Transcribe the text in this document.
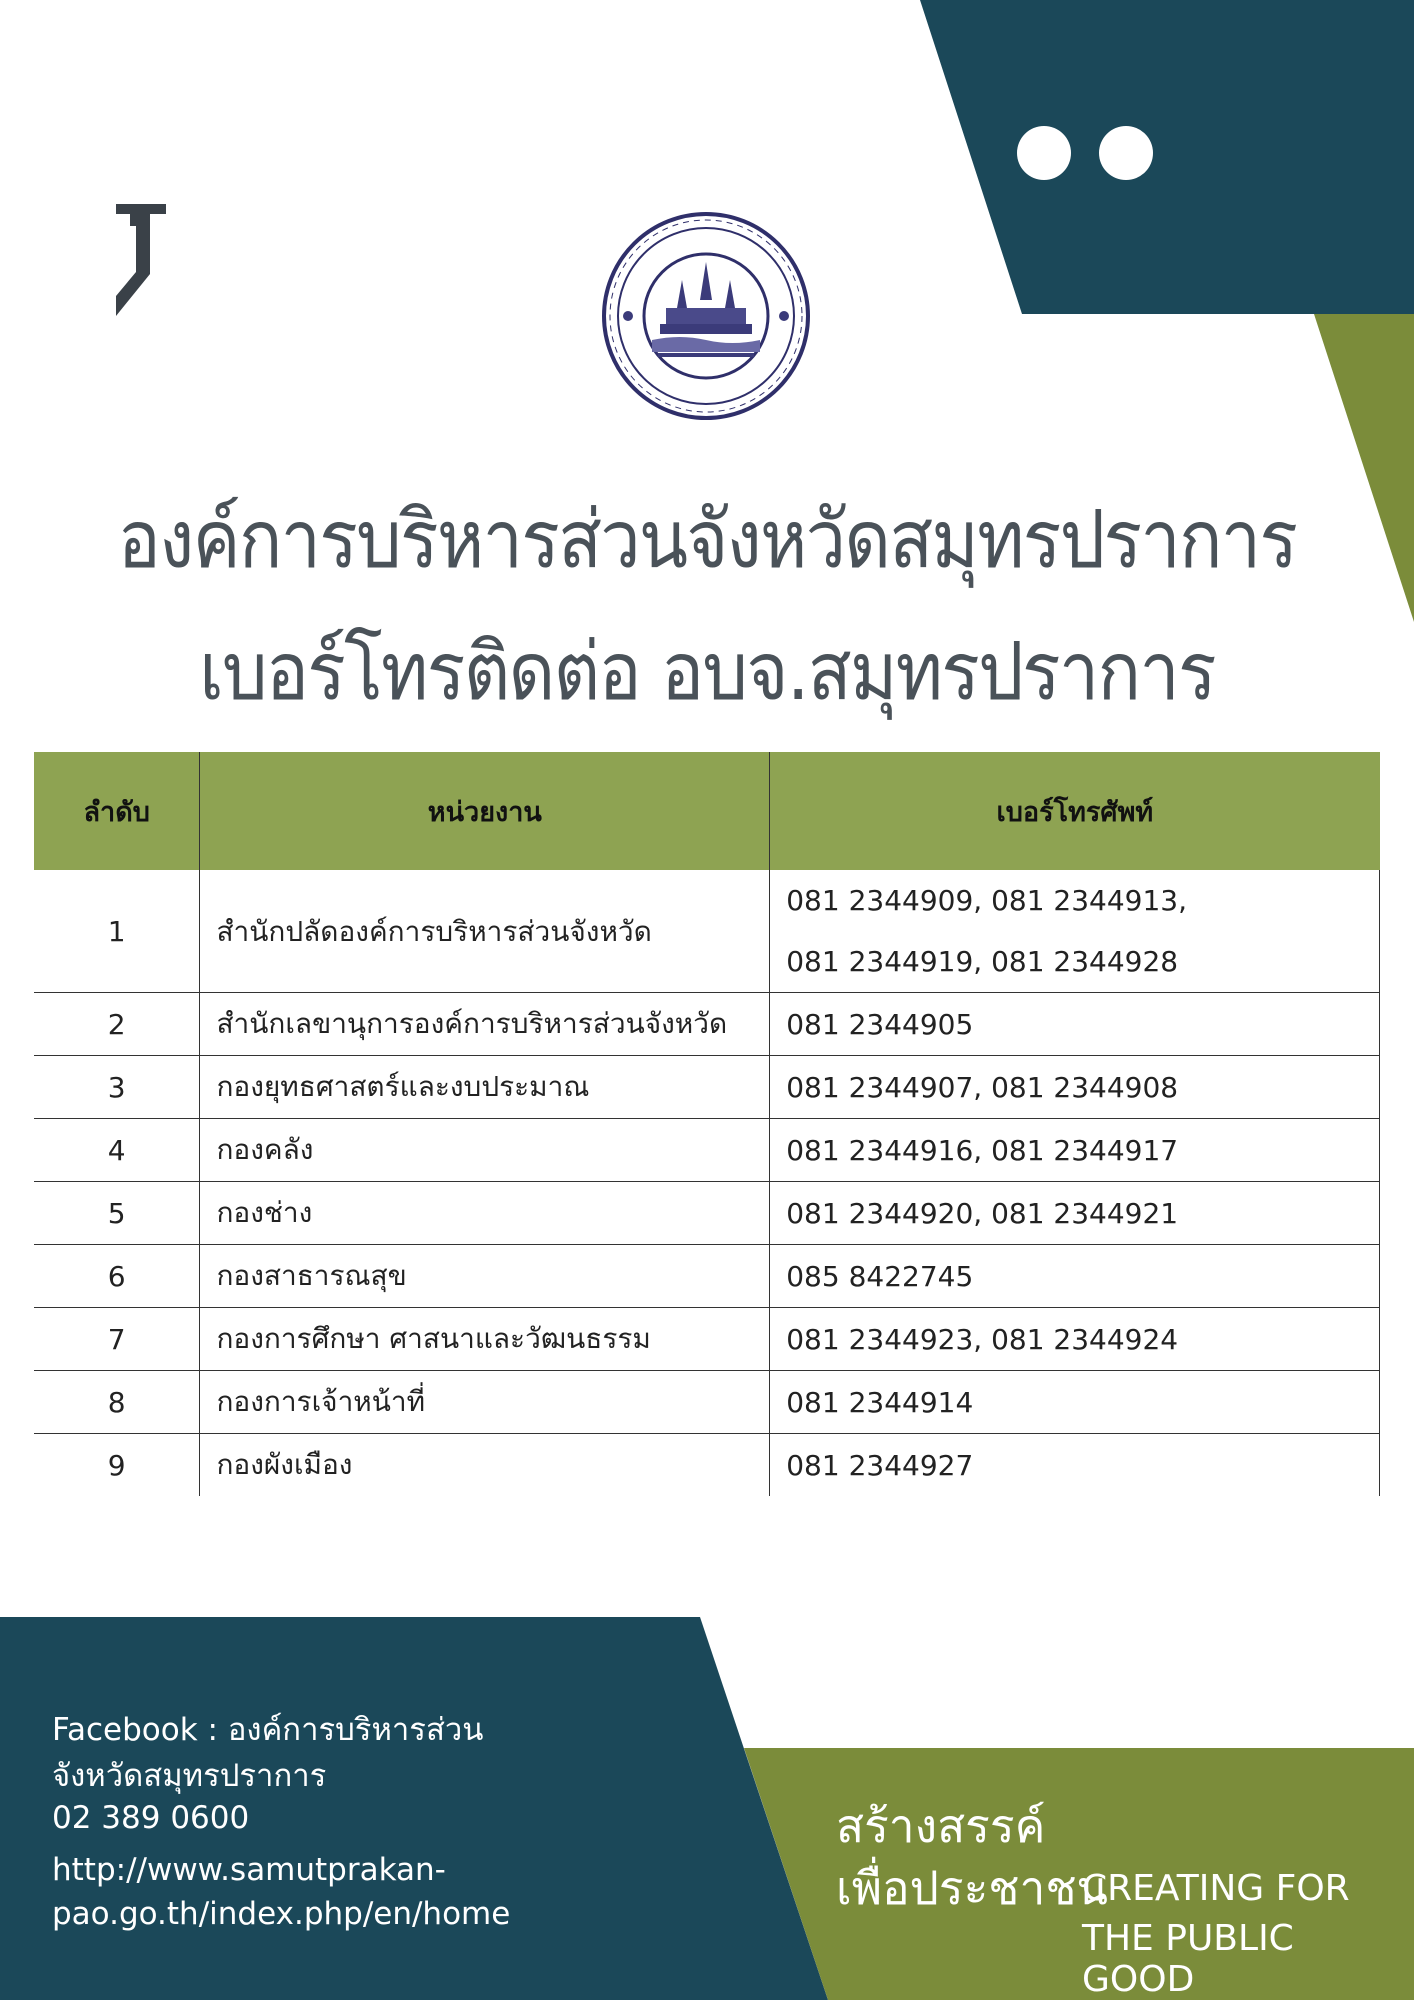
องค์การบริหารส่วนจังหวัดสมุทรปราการ
เบอร์โทรติดต่อ อบจ.สมุทรปราการ
ลำดับ	หน่วยงาน	เบอร์โทรศัพท์

1	สำนักปลัดองค์การบริหารส่วนจังหวัด	081 2344909, 081 2344913,
081 2344919, 081 2344928

2	สำนักเลขานุการองค์การบริหารส่วนจังหวัด	081 2344905
3	กองยุทธศาสตร์และงบประมาณ	081 2344907, 081 2344908
4	กองคลัง	081 2344916, 081 2344917
5	กองช่าง	081 2344920, 081 2344921
6	กองสาธารณสุข	085 8422745
7	กองการศึกษา ศาสนาและวัฒนธรรม	081 2344923, 081 2344924
8	กองการเจ้าหน้าที่	081 2344914
9	กองผังเมือง	081 2344927
Facebook : องค์การบริหารส่วน
จังหวัดสมุทรปราการ
02 389 0600
http://www.samutprakan-
pao.go.th/index.php/en/home
สร้างสรรค์
เพื่อประชาชน
CREATING FOR
THE PUBLIC GOOD
